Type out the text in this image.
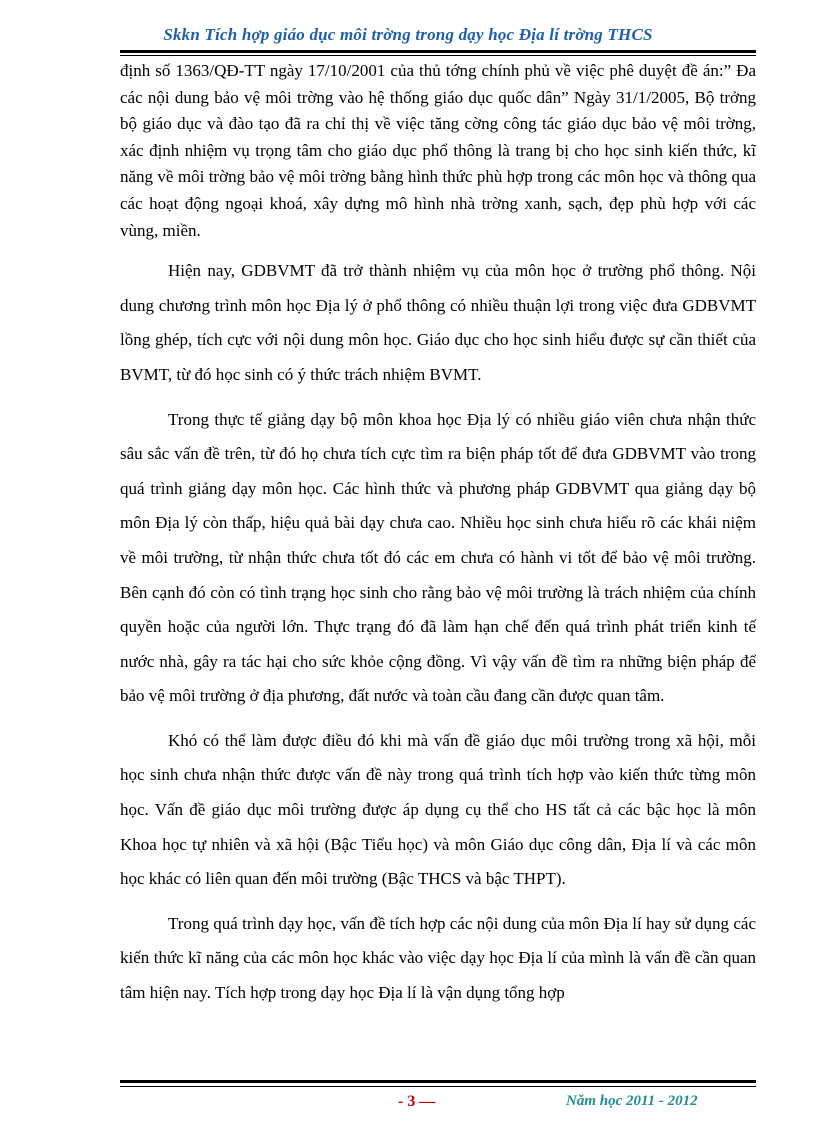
Skkn Tích hợp giáo dục môi trờng trong dạy học Địa lí trờng THCS

định số 1363/QĐ-TT ngày 17/10/2001 của thủ tớng chính phủ về việc phê duyệt đề án:” Đa các nội dung bảo vệ môi trờng vào hệ thống giáo dục quốc dân” Ngày 31/1/2005, Bộ trởng bộ giáo dục và đào tạo đã ra chỉ thị về việc tăng cờng công tác giáo dục bảo vệ môi trờng, xác định nhiệm vụ trọng tâm cho giáo dục phổ thông là trang bị cho học sinh kiến thức, kĩ năng về môi trờng bảo vệ môi trờng bằng hình thức phù hợp trong các môn học và thông qua các hoạt động ngoại khoá, xây dựng mô hình nhà trờng xanh, sạch, đẹp phù hợp với các vùng, miền.

Hiện nay, GDBVMT đã trở thành nhiệm vụ của môn học ở trường phổ thông. Nội dung chương trình môn học Địa lý ở phổ thông có nhiều thuận lợi trong việc đưa GDBVMT lồng ghép, tích cực với nội dung môn học. Giáo dục cho học sinh hiểu được sự cần thiết của BVMT, từ đó học sinh có ý thức trách nhiệm BVMT.

Trong thực tế giảng dạy bộ môn khoa học Địa lý có nhiều giáo viên chưa nhận thức sâu sắc vấn đề trên, từ đó họ chưa tích cực tìm ra biện pháp tốt để đưa GDBVMT vào trong quá trình giảng dạy môn học. Các hình thức và phương pháp GDBVMT qua giảng dạy bộ môn Địa lý còn thấp, hiệu quả bài dạy chưa cao. Nhiều học sinh chưa hiểu rõ các khái niệm về môi trường, từ nhận thức chưa tốt đó các em chưa có hành vi tốt để bảo vệ môi trường. Bên cạnh đó còn có tình trạng học sinh cho rằng bảo vệ môi trường là trách nhiệm của chính quyền hoặc của người lớn. Thực trạng đó đã làm hạn chế đến quá trình phát triển kinh tế nước nhà, gây ra tác hại cho sức khỏe cộng đồng. Vì vậy vấn đề tìm ra những biện pháp để bảo vệ môi trường ở địa phương, đất nước và toàn cầu đang cần được quan tâm.

Khó có thể làm được điều đó khi mà vấn đề giáo dục môi trường trong xã hội, mỗi học sinh chưa nhận thức được vấn đề này trong quá trình tích hợp vào kiến thức từng môn học. Vấn đề giáo dục môi trường được áp dụng cụ thể cho HS tất cả các bậc học là môn Khoa học tự nhiên và xã hội (Bậc Tiểu học) và môn Giáo dục công dân, Địa lí và các môn học khác có liên quan đến môi trường (Bậc THCS và bậc THPT).

Trong quá trình dạy học, vấn đề tích hợp các nội dung của môn Địa lí hay sử dụng các kiến thức kĩ năng của các môn học khác vào việc dạy học Địa lí của mình là vấn đề cần quan tâm hiện nay. Tích hợp trong dạy học Địa lí là vận dụng tổng hợp

- 3 —	Năm học 2011 - 2012
